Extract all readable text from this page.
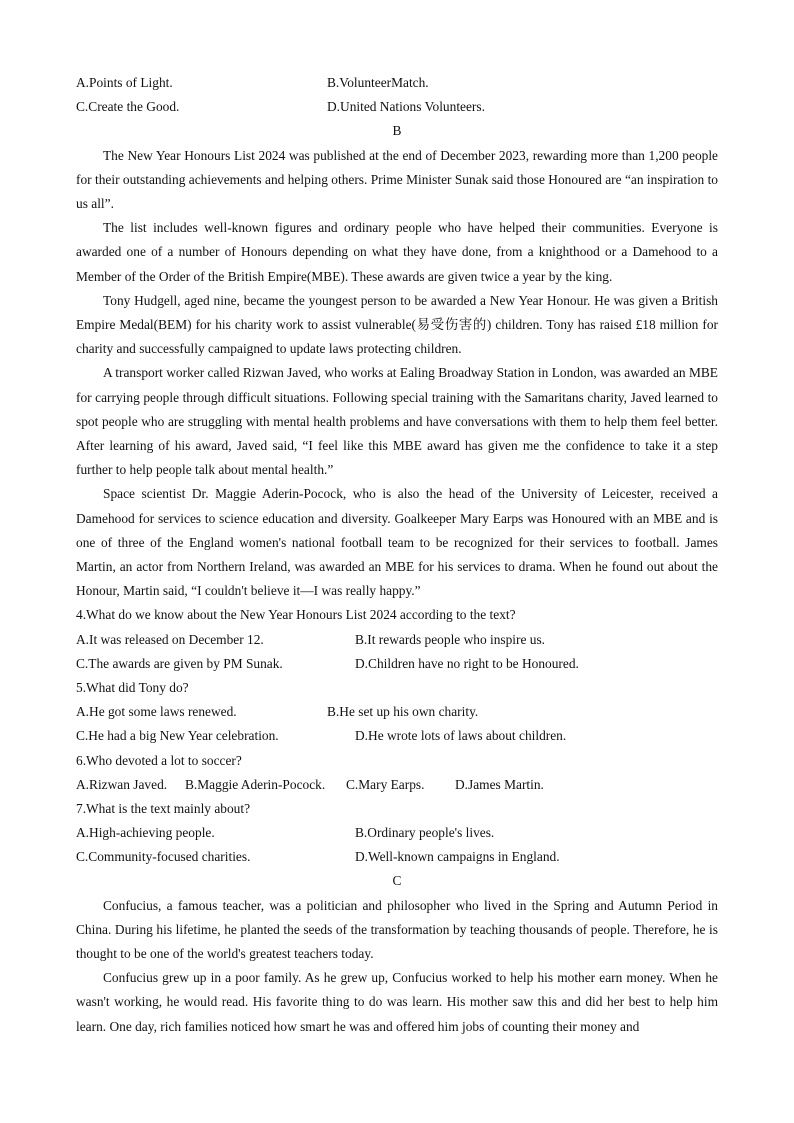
A.Points of Light.	B.VolunteerMatch.
C.Create the Good.	D.United Nations Volunteers.
B

The New Year Honours List 2024 was published at the end of December 2023, rewarding more than 1,200 people for their outstanding achievements and helping others. Prime Minister Sunak said those Honoured are “an inspiration to us all”.

The list includes well-known figures and ordinary people who have helped their communities. Everyone is awarded one of a number of Honours depending on what they have done, from a knighthood or a Damehood to a Member of the Order of the British Empire(MBE). These awards are given twice a year by the king.

Tony Hudgell, aged nine, became the youngest person to be awarded a New Year Honour. He was given a British Empire Medal(BEM) for his charity work to assist vulnerable(易受伤害的) children. Tony has raised £18 million for charity and successfully campaigned to update laws protecting children.

A transport worker called Rizwan Javed, who works at Ealing Broadway Station in London, was awarded an MBE for carrying people through difficult situations. Following special training with the Samaritans charity, Javed learned to spot people who are struggling with mental health problems and have conversations with them to help them feel better. After learning of his award, Javed said, “I feel like this MBE award has given me the confidence to take it a step further to help people talk about mental health.”

Space scientist Dr. Maggie Aderin-Pocock, who is also the head of the University of Leicester, received a Damehood for services to science education and diversity. Goalkeeper Mary Earps was Honoured with an MBE and is one of three of the England women's national football team to be recognized for their services to football. James Martin, an actor from Northern Ireland, was awarded an MBE for his services to drama. When he found out about the Honour, Martin said, “I couldn't believe it—I was really happy.”

4.What do we know about the New Year Honours List 2024 according to the text?
A.It was released on December 12.	B.It rewards people who inspire us.
C.The awards are given by PM Sunak.	D.Children have no right to be Honoured.
5.What did Tony do?
A.He got some laws renewed.	B.He set up his own charity.
C.He had a big New Year celebration.	D.He wrote lots of laws about children.
6.Who devoted a lot to soccer?
A.Rizwan Javed.	B.Maggie Aderin-Pocock.	C.Mary Earps.	D.James Martin.
7.What is the text mainly about?
A.High-achieving people.	B.Ordinary people's lives.
C.Community-focused charities.	D.Well-known campaigns in England.
C

Confucius, a famous teacher, was a politician and philosopher who lived in the Spring and Autumn Period in China. During his lifetime, he planted the seeds of the transformation by teaching thousands of people. Therefore, he is thought to be one of the world's greatest teachers today.

Confucius grew up in a poor family. As he grew up, Confucius worked to help his mother earn money. When he wasn't working, he would read. His favorite thing to do was learn. His mother saw this and did her best to help him learn. One day, rich families noticed how smart he was and offered him jobs of counting their money and
